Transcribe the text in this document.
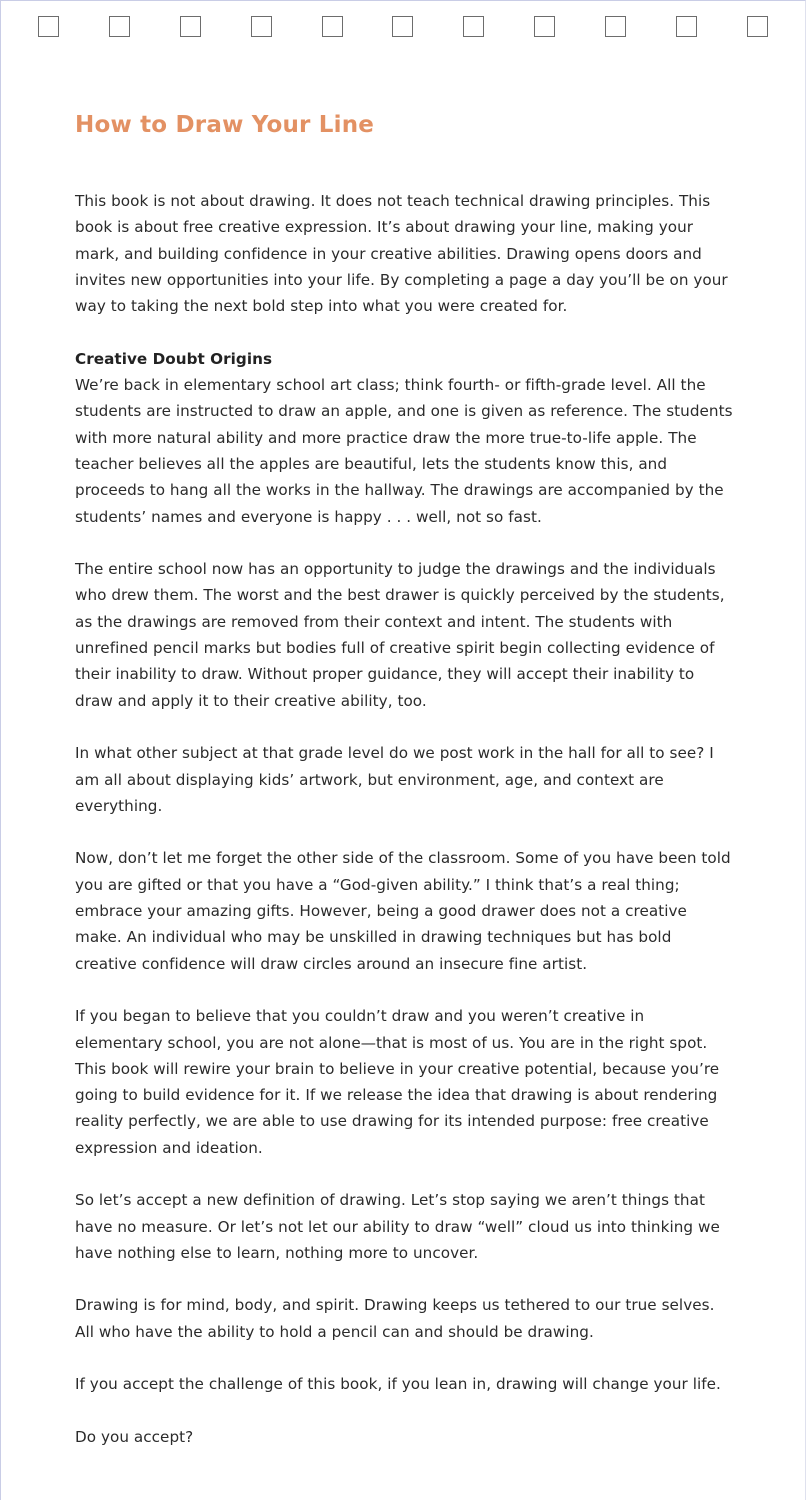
How to Draw Your Line

This book is not about drawing. It does not teach technical drawing principles. This book is about free creative expression. It’s about drawing your line, making your mark, and building confidence in your creative abilities. Drawing opens doors and invites new opportunities into your life. By completing a page a day you’ll be on your way to taking the next bold step into what you were created for.

Creative Doubt Origins

We’re back in elementary school art class; think fourth- or fifth-grade level. All the students are instructed to draw an apple, and one is given as reference. The students with more natural ability and more practice draw the more true-to-life apple. The teacher believes all the apples are beautiful, lets the students know this, and proceeds to hang all the works in the hallway. The drawings are accompanied by the students’ names and everyone is happy . . . well, not so fast.

The entire school now has an opportunity to judge the drawings and the individuals who drew them. The worst and the best drawer is quickly perceived by the students, as the drawings are removed from their context and intent. The students with unrefined pencil marks but bodies full of creative spirit begin collecting evidence of their inability to draw. Without proper guidance, they will accept their inability to draw and apply it to their creative ability, too.

In what other subject at that grade level do we post work in the hall for all to see? I am all about displaying kids’ artwork, but environment, age, and context are everything.

Now, don’t let me forget the other side of the classroom. Some of you have been told you are gifted or that you have a “God-given ability.” I think that’s a real thing; embrace your amazing gifts. However, being a good drawer does not a creative make. An individual who may be unskilled in drawing techniques but has bold creative confidence will draw circles around an insecure fine artist.

If you began to believe that you couldn’t draw and you weren’t creative in elementary school, you are not alone—that is most of us. You are in the right spot. This book will rewire your brain to believe in your creative potential, because you’re going to build evidence for it. If we release the idea that drawing is about rendering reality perfectly, we are able to use drawing for its intended purpose: free creative expression and ideation.

So let’s accept a new definition of drawing. Let’s stop saying we aren’t things that have no measure. Or let’s not let our ability to draw “well” cloud us into thinking we have nothing else to learn, nothing more to uncover.

Drawing is for mind, body, and spirit. Drawing keeps us tethered to our true selves. All who have the ability to hold a pencil can and should be drawing.

If you accept the challenge of this book, if you lean in, drawing will change your life.

Do you accept?
